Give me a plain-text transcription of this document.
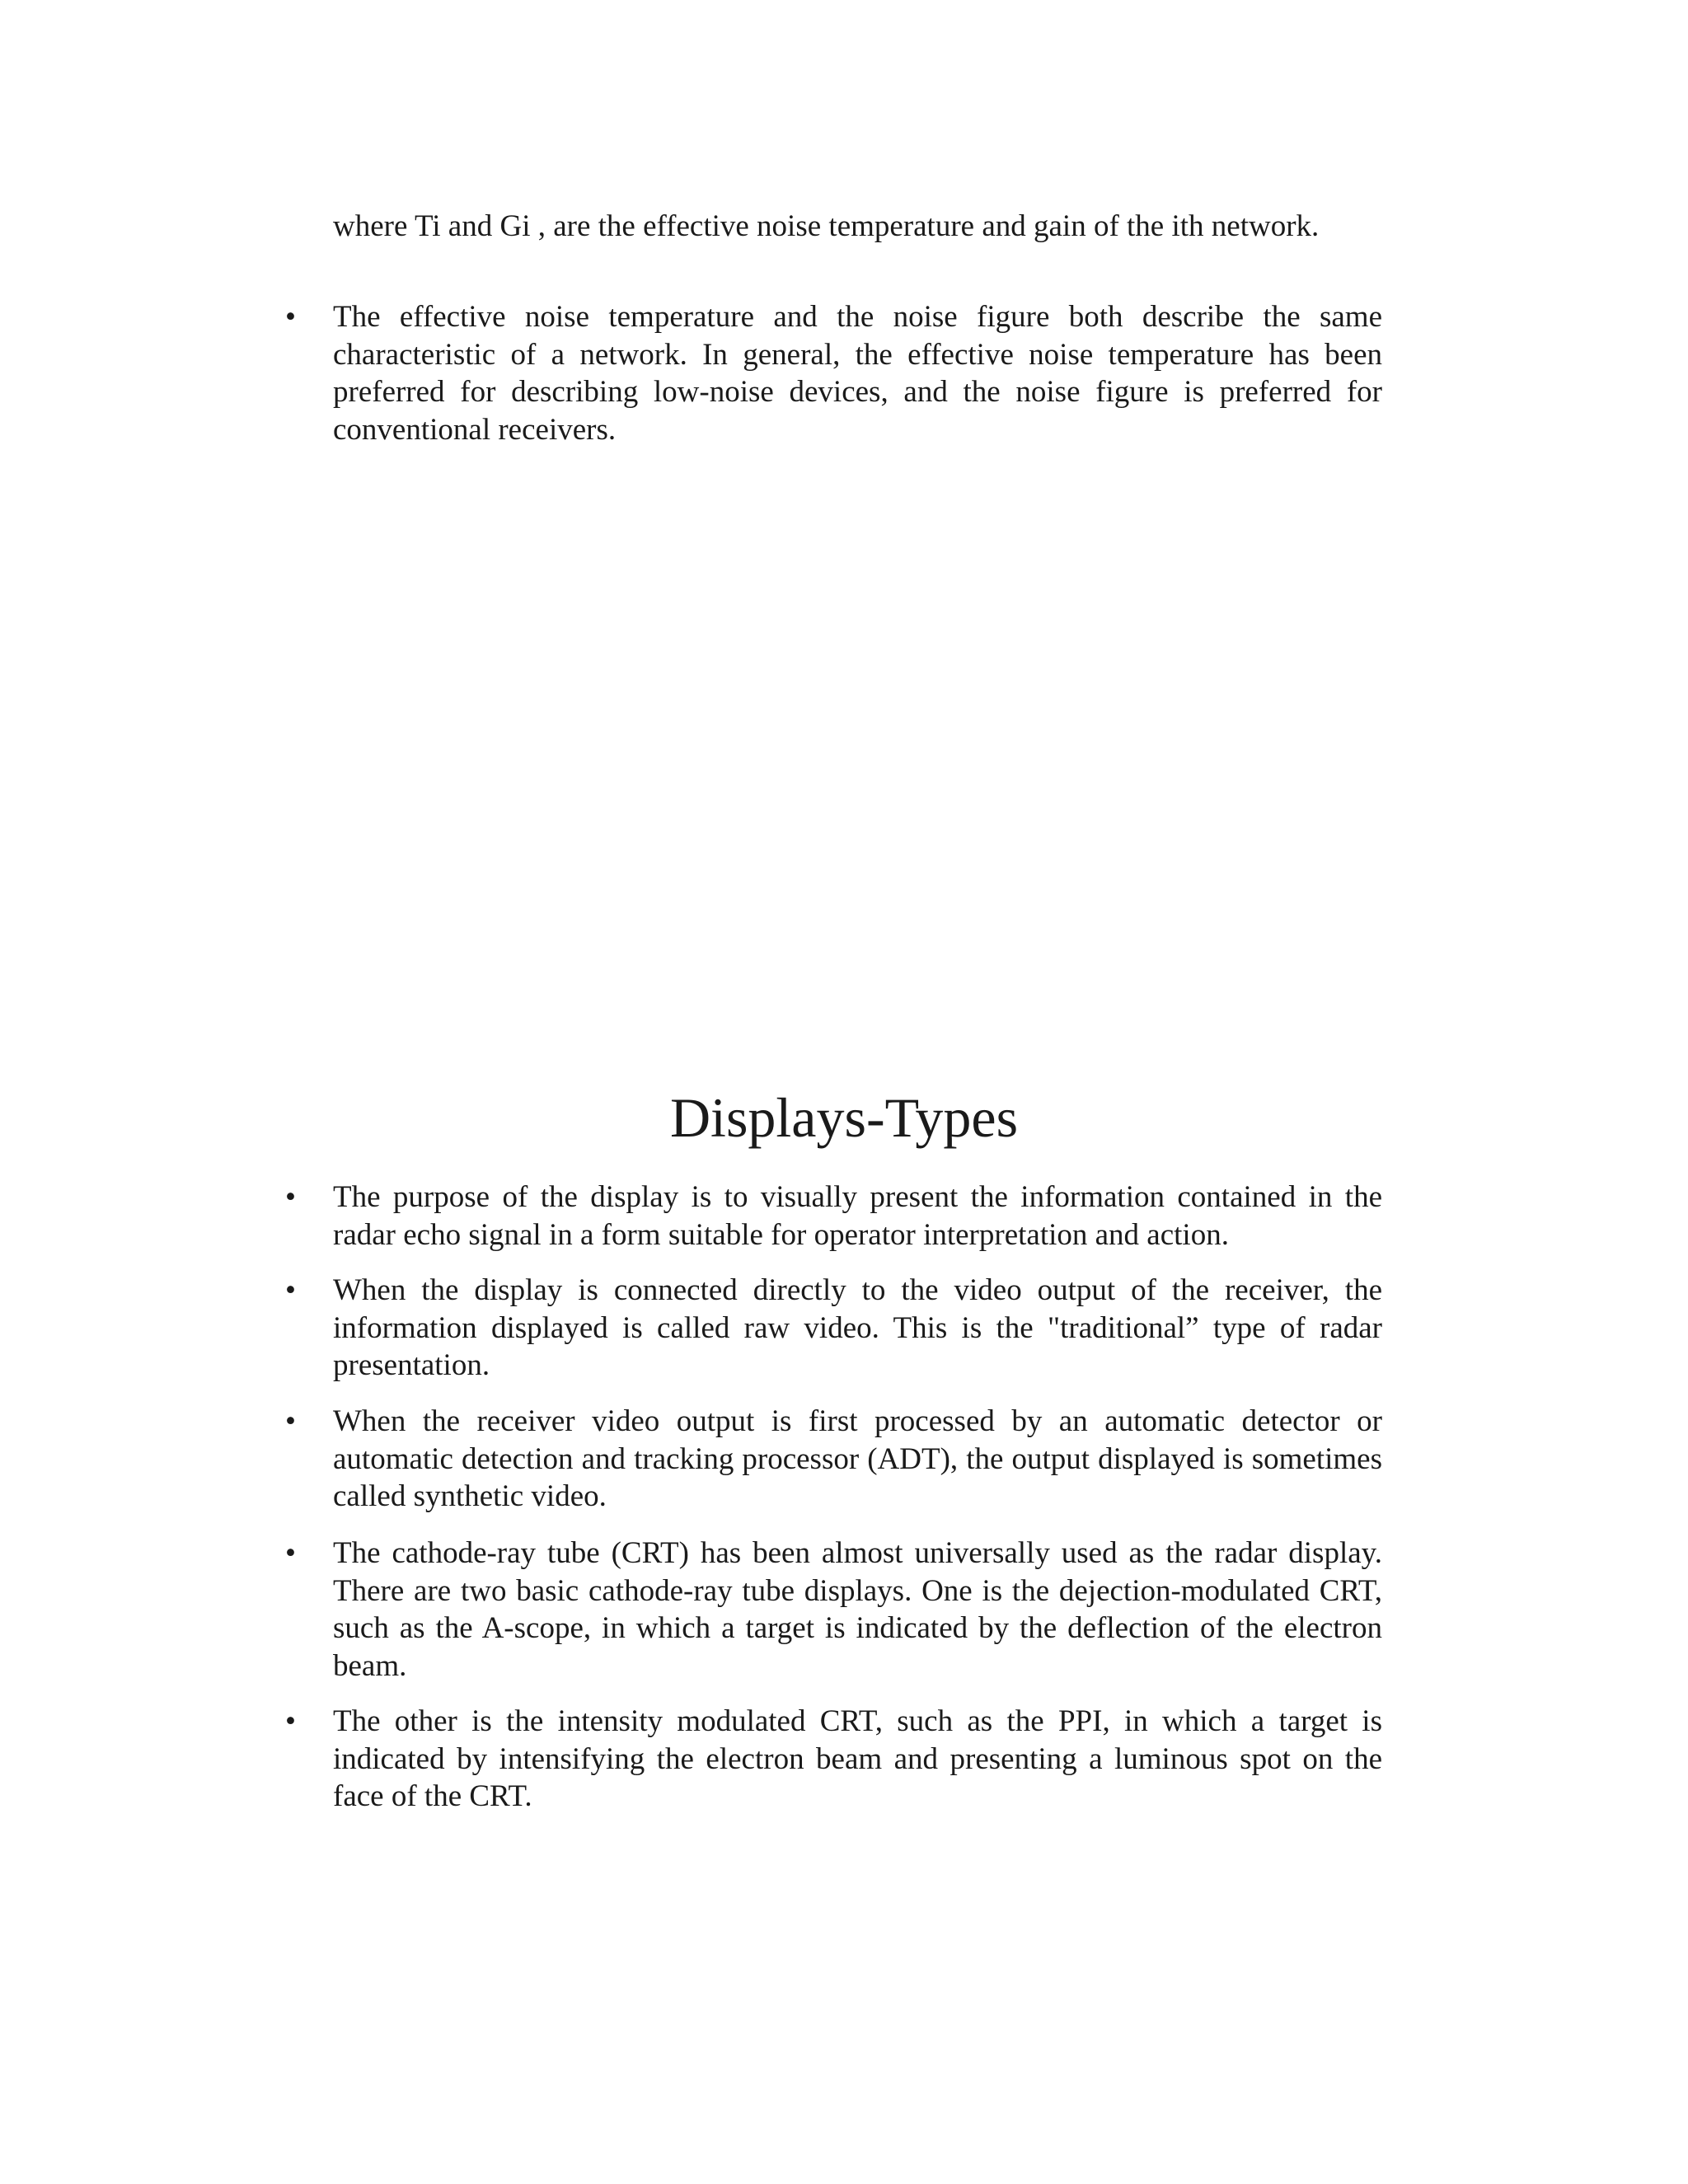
where Ti and Gi , are the effective noise temperature and gain of the ith network.
•	The effective noise temperature and the noise figure both describe the same characteristic of a network. In general, the effective noise temperature has been preferred for describing low-noise devices, and the noise figure is preferred for conventional receivers.
Displays-Types
•	The purpose of the display is to visually present the information contained in the radar echo signal in a form suitable for operator interpretation and action.
•	When the display is connected directly to the video output of the receiver, the information displayed is called raw video. This is the "traditional” type of radar presentation.
•	When the receiver video output is first processed by an automatic detector or automatic detection and tracking processor (ADT), the output displayed is sometimes called synthetic video.
•	The cathode-ray tube (CRT) has been almost universally used as the radar display. There are two basic cathode-ray tube displays. One is the dejection-modulated CRT, such as the A-scope, in which a target is indicated by the deflection of the electron beam.
•	The other is the intensity modulated CRT, such as the PPI, in which a target is indicated by intensifying the electron beam and presenting a luminous spot on the face of the CRT.
